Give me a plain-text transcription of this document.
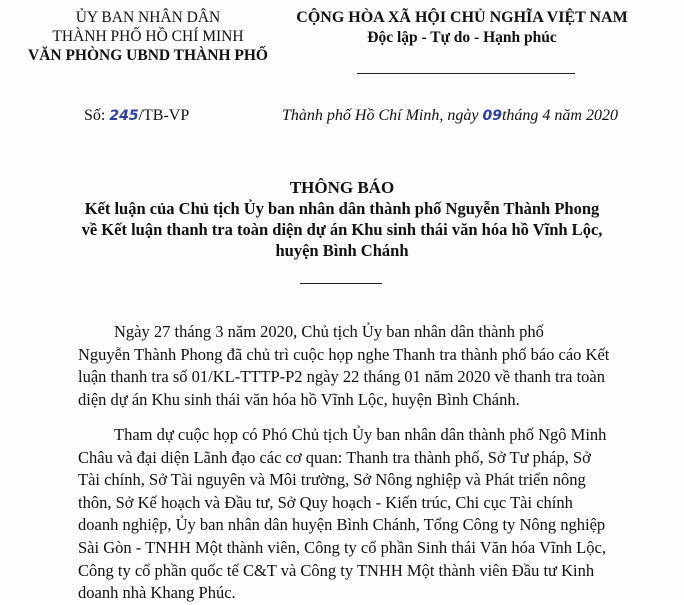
ỦY BAN NHÂN DÂN
THÀNH PHỐ HỒ CHÍ MINH
VĂN PHÒNG UBND THÀNH PHỐ
CỘNG HÒA XÃ HỘI CHỦ NGHĨA VIỆT NAM
Độc lập - Tự do - Hạnh phúc
Số: 245/TB-VP	Thành phố Hồ Chí Minh, ngày 09tháng 4 năm 2020
THÔNG BÁO
Kết luận của Chủ tịch Ủy ban nhân dân thành phố Nguyễn Thành Phong
về Kết luận thanh tra toàn diện dự án Khu sinh thái văn hóa hồ Vĩnh Lộc,
huyện Bình Chánh
Ngày 27 tháng 3 năm 2020, Chủ tịch Ủy ban nhân dân thành phố
Nguyễn Thành Phong đã chủ trì cuộc họp nghe Thanh tra thành phố báo cáo Kết
luận thanh tra số 01/KL-TTTP-P2 ngày 22 tháng 01 năm 2020 về thanh tra toàn
diện dự án Khu sinh thái văn hóa hồ Vĩnh Lộc, huyện Bình Chánh.
Tham dự cuộc họp có Phó Chủ tịch Ủy ban nhân dân thành phố Ngô Minh
Châu và đại diện Lãnh đạo các cơ quan: Thanh tra thành phố, Sở Tư pháp, Sở
Tài chính, Sở Tài nguyên và Môi trường, Sở Nông nghiệp và Phát triển nông
thôn, Sở Kế hoạch và Đầu tư, Sở Quy hoạch - Kiến trúc, Chi cục Tài chính
doanh nghiệp, Ủy ban nhân dân huyện Bình Chánh, Tổng Công ty Nông nghiệp
Sài Gòn - TNHH Một thành viên, Công ty cổ phần Sinh thái Văn hóa Vĩnh Lộc,
Công ty cổ phần quốc tế C&T và Công ty TNHH Một thành viên Đầu tư Kinh
doanh nhà Khang Phúc.
